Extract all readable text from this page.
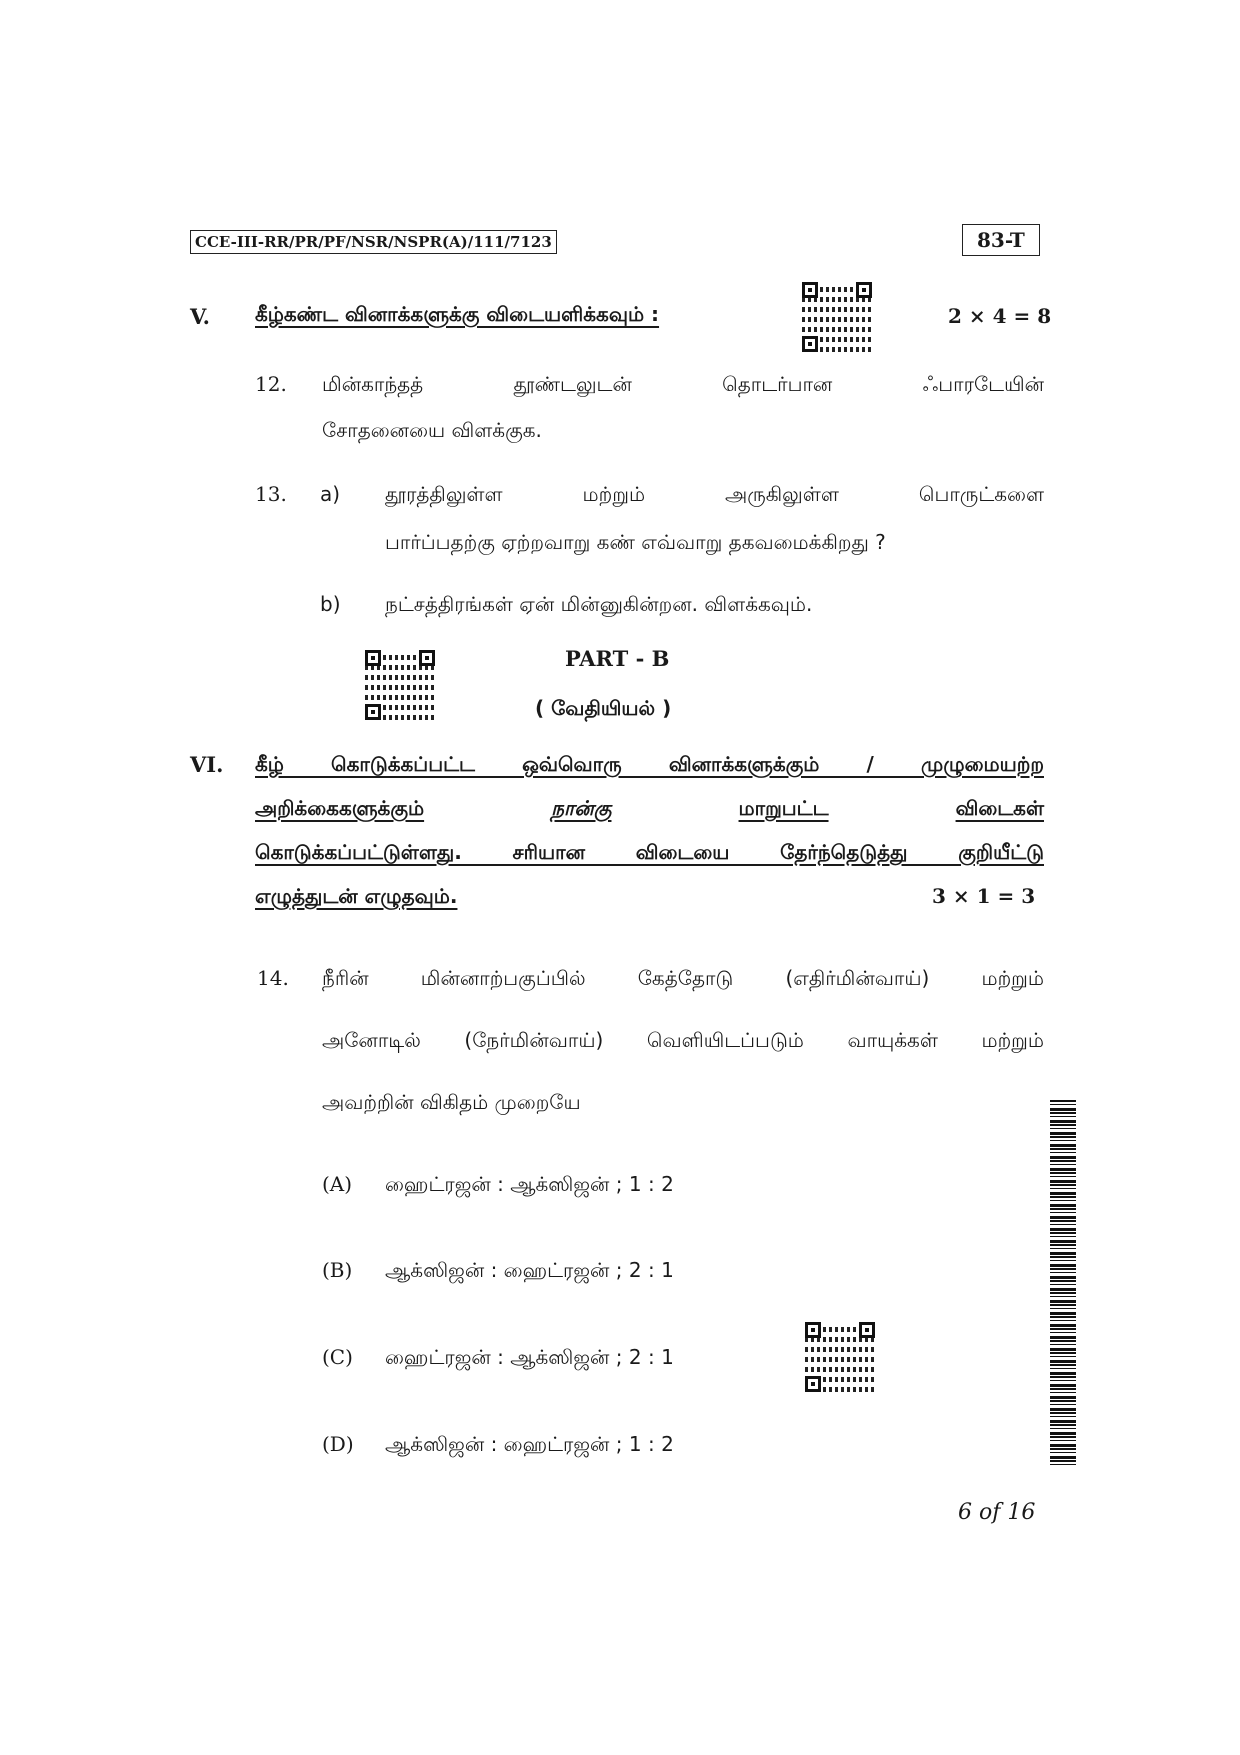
CCE-III-RR/PR/PF/NSR/NSPR(A)/111/7123	83-T
V. கீழ்கண்ட வினாக்களுக்கு விடையளிக்கவும் :	2 × 4 = 8
12. மின்காந்தத் தூண்டலுடன் தொடர்பான ஃபாரடேயின்
சோதனையை விளக்குக.
13. a) தூரத்திலுள்ள மற்றும் அருகிலுள்ள பொருட்களை
பார்ப்பதற்கு ஏற்றவாறு கண் எவ்வாறு தகவமைக்கிறது ?
b) நட்சத்திரங்கள் ஏன் மின்னுகின்றன. விளக்கவும்.
PART - B
( வேதியியல் )
VI. கீழ் கொடுக்கப்பட்ட ஒவ்வொரு வினாக்களுக்கும் / முழுமையற்ற
அறிக்கைகளுக்கும்	நான்கு	மாறுபட்ட	விடைகள்
கொடுக்கப்பட்டுள்ளது. சரியான விடையை தேர்ந்தெடுத்து குறியீட்டு
எழுத்துடன் எழுதவும்.	3 × 1 = 3
14. நீரின் மின்னாற்பகுப்பில் கேத்தோடு (எதிர்மின்வாய்) மற்றும்
அனோடில் (நேர்மின்வாய்) வெளியிடப்படும் வாயுக்கள் மற்றும்
அவற்றின் விகிதம் முறையே
(A) ஹைட்ரஜன் : ஆக்ஸிஜன் ; 1 : 2
(B) ஆக்ஸிஜன் : ஹைட்ரஜன் ; 2 : 1
(C) ஹைட்ரஜன் : ஆக்ஸிஜன் ; 2 : 1
(D) ஆக்ஸிஜன் : ஹைட்ரஜன் ; 1 : 2
6 of 16
